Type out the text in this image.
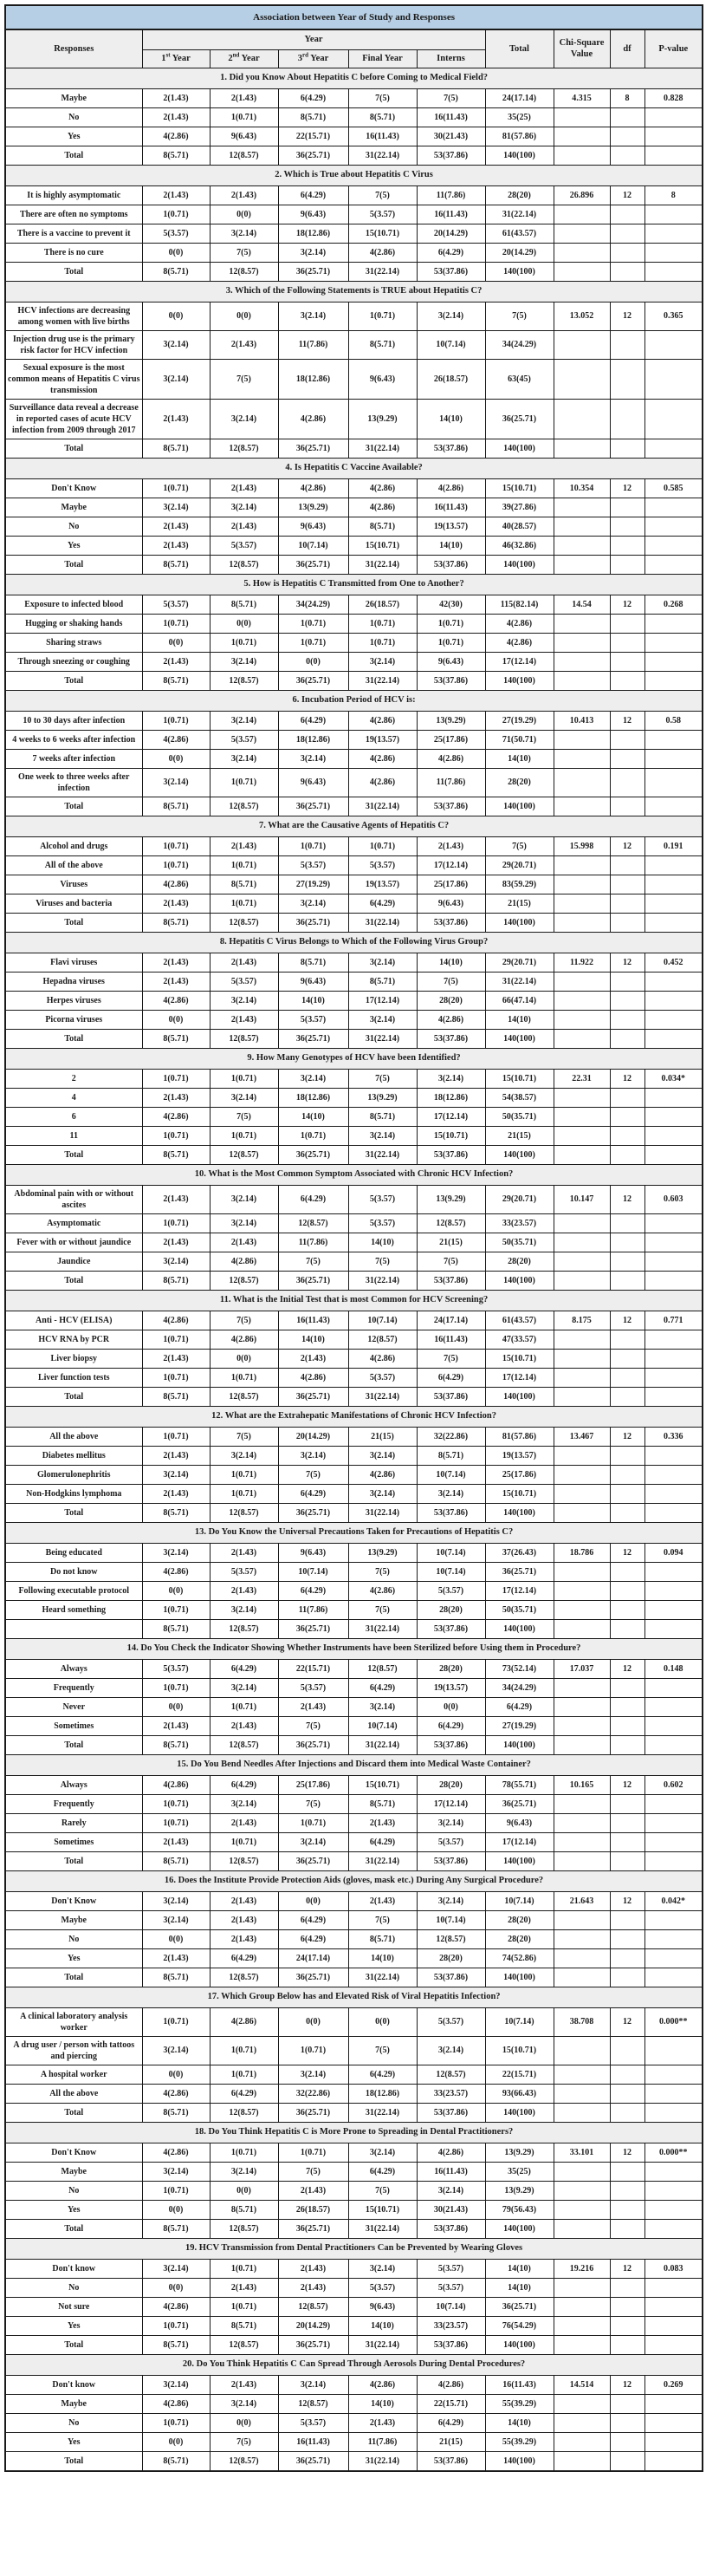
Association between Year of Study and Responses									
Responses	Year					Total	Chi-Square Value	df	P-value
	1st Year	2nd Year	3rd Year	Final Year	Interns				
1. Did you Know About Hepatitis C before Coming to Medical Field?									
Maybe	2(1.43)	2(1.43)	6(4.29)	7(5)	7(5)	24(17.14)	4.315	8	0.828
No	2(1.43)	1(0.71)	8(5.71)	8(5.71)	16(11.43)	35(25)			
Yes	4(2.86)	9(6.43)	22(15.71)	16(11.43)	30(21.43)	81(57.86)			
Total	8(5.71)	12(8.57)	36(25.71)	31(22.14)	53(37.86)	140(100)			
2. Which is True about Hepatitis C Virus									
It is highly asymptomatic	2(1.43)	2(1.43)	6(4.29)	7(5)	11(7.86)	28(20)	26.896	12	8
There are often no symptoms	1(0.71)	0(0)	9(6.43)	5(3.57)	16(11.43)	31(22.14)			
There is a vaccine to prevent it	5(3.57)	3(2.14)	18(12.86)	15(10.71)	20(14.29)	61(43.57)			
There is no cure	0(0)	7(5)	3(2.14)	4(2.86)	6(4.29)	20(14.29)			
Total	8(5.71)	12(8.57)	36(25.71)	31(22.14)	53(37.86)	140(100)			
3. Which of the Following Statements is TRUE about Hepatitis C?									
HCV infections are decreasing among women with live births	0(0)	0(0)	3(2.14)	1(0.71)	3(2.14)	7(5)	13.052	12	0.365
Injection drug use is the primary risk factor for HCV infection	3(2.14)	2(1.43)	11(7.86)	8(5.71)	10(7.14)	34(24.29)			
Sexual exposure is the most common means of Hepatitis C virus transmission	3(2.14)	7(5)	18(12.86)	9(6.43)	26(18.57)	63(45)			
Surveillance data reveal a decrease in reported cases of acute HCV infection from 2009 through 2017	2(1.43)	3(2.14)	4(2.86)	13(9.29)	14(10)	36(25.71)			
Total	8(5.71)	12(8.57)	36(25.71)	31(22.14)	53(37.86)	140(100)			
4. Is Hepatitis C Vaccine Available?									
Don't Know	1(0.71)	2(1.43)	4(2.86)	4(2.86)	4(2.86)	15(10.71)	10.354	12	0.585
Maybe	3(2.14)	3(2.14)	13(9.29)	4(2.86)	16(11.43)	39(27.86)			
No	2(1.43)	2(1.43)	9(6.43)	8(5.71)	19(13.57)	40(28.57)			
Yes	2(1.43)	5(3.57)	10(7.14)	15(10.71)	14(10)	46(32.86)			
Total	8(5.71)	12(8.57)	36(25.71)	31(22.14)	53(37.86)	140(100)			
5. How is Hepatitis C Transmitted from One to Another?									
Exposure to infected blood	5(3.57)	8(5.71)	34(24.29)	26(18.57)	42(30)	115(82.14)	14.54	12	0.268
Hugging or shaking hands	1(0.71)	0(0)	1(0.71)	1(0.71)	1(0.71)	4(2.86)			
Sharing straws	0(0)	1(0.71)	1(0.71)	1(0.71)	1(0.71)	4(2.86)			
Through sneezing or coughing	2(1.43)	3(2.14)	0(0)	3(2.14)	9(6.43)	17(12.14)			
Total	8(5.71)	12(8.57)	36(25.71)	31(22.14)	53(37.86)	140(100)			
6. Incubation Period of HCV is:									
10 to 30 days after infection	1(0.71)	3(2.14)	6(4.29)	4(2.86)	13(9.29)	27(19.29)	10.413	12	0.58
4 weeks to 6 weeks after infection	4(2.86)	5(3.57)	18(12.86)	19(13.57)	25(17.86)	71(50.71)			
7 weeks after infection	0(0)	3(2.14)	3(2.14)	4(2.86)	4(2.86)	14(10)			
One week to three weeks after infection	3(2.14)	1(0.71)	9(6.43)	4(2.86)	11(7.86)	28(20)			
Total	8(5.71)	12(8.57)	36(25.71)	31(22.14)	53(37.86)	140(100)			
7. What are the Causative Agents of Hepatitis C?									
Alcohol and drugs	1(0.71)	2(1.43)	1(0.71)	1(0.71)	2(1.43)	7(5)	15.998	12	0.191
All of the above	1(0.71)	1(0.71)	5(3.57)	5(3.57)	17(12.14)	29(20.71)			
Viruses	4(2.86)	8(5.71)	27(19.29)	19(13.57)	25(17.86)	83(59.29)			
Viruses and bacteria	2(1.43)	1(0.71)	3(2.14)	6(4.29)	9(6.43)	21(15)			
Total	8(5.71)	12(8.57)	36(25.71)	31(22.14)	53(37.86)	140(100)			
8. Hepatitis C Virus Belongs to Which of the Following Virus Group?									
Flavi viruses	2(1.43)	2(1.43)	8(5.71)	3(2.14)	14(10)	29(20.71)	11.922	12	0.452
Hepadna viruses	2(1.43)	5(3.57)	9(6.43)	8(5.71)	7(5)	31(22.14)			
Herpes viruses	4(2.86)	3(2.14)	14(10)	17(12.14)	28(20)	66(47.14)			
Picorna viruses	0(0)	2(1.43)	5(3.57)	3(2.14)	4(2.86)	14(10)			
Total	8(5.71)	12(8.57)	36(25.71)	31(22.14)	53(37.86)	140(100)			
9. How Many Genotypes of HCV have been Identified?									
2	1(0.71)	1(0.71)	3(2.14)	7(5)	3(2.14)	15(10.71)	22.31	12	0.034*
4	2(1.43)	3(2.14)	18(12.86)	13(9.29)	18(12.86)	54(38.57)			
6	4(2.86)	7(5)	14(10)	8(5.71)	17(12.14)	50(35.71)			
11	1(0.71)	1(0.71)	1(0.71)	3(2.14)	15(10.71)	21(15)			
Total	8(5.71)	12(8.57)	36(25.71)	31(22.14)	53(37.86)	140(100)			
10. What is the Most Common Symptom Associated with Chronic HCV Infection?									
Abdominal pain with or without ascites	2(1.43)	3(2.14)	6(4.29)	5(3.57)	13(9.29)	29(20.71)	10.147	12	0.603
Asymptomatic	1(0.71)	3(2.14)	12(8.57)	5(3.57)	12(8.57)	33(23.57)			
Fever with or without jaundice	2(1.43)	2(1.43)	11(7.86)	14(10)	21(15)	50(35.71)			
Jaundice	3(2.14)	4(2.86)	7(5)	7(5)	7(5)	28(20)			
Total	8(5.71)	12(8.57)	36(25.71)	31(22.14)	53(37.86)	140(100)			
11. What is the Initial Test that is most Common for HCV Screening?									
Anti - HCV (ELISA)	4(2.86)	7(5)	16(11.43)	10(7.14)	24(17.14)	61(43.57)	8.175	12	0.771
HCV RNA by PCR	1(0.71)	4(2.86)	14(10)	12(8.57)	16(11.43)	47(33.57)			
Liver biopsy	2(1.43)	0(0)	2(1.43)	4(2.86)	7(5)	15(10.71)			
Liver function tests	1(0.71)	1(0.71)	4(2.86)	5(3.57)	6(4.29)	17(12.14)			
Total	8(5.71)	12(8.57)	36(25.71)	31(22.14)	53(37.86)	140(100)			
12. What are the Extrahepatic Manifestations of Chronic HCV Infection?									
All the above	1(0.71)	7(5)	20(14.29)	21(15)	32(22.86)	81(57.86)	13.467	12	0.336
Diabetes mellitus	2(1.43)	3(2.14)	3(2.14)	3(2.14)	8(5.71)	19(13.57)			
Glomerulonephritis	3(2.14)	1(0.71)	7(5)	4(2.86)	10(7.14)	25(17.86)			
Non-Hodgkins lymphoma	2(1.43)	1(0.71)	6(4.29)	3(2.14)	3(2.14)	15(10.71)			
Total	8(5.71)	12(8.57)	36(25.71)	31(22.14)	53(37.86)	140(100)			
13. Do You Know the Universal Precautions Taken for Precautions of Hepatitis C?									
Being educated	3(2.14)	2(1.43)	9(6.43)	13(9.29)	10(7.14)	37(26.43)	18.786	12	0.094
Do not know	4(2.86)	5(3.57)	10(7.14)	7(5)	10(7.14)	36(25.71)			
Following executable protocol	0(0)	2(1.43)	6(4.29)	4(2.86)	5(3.57)	17(12.14)			
Heard something	1(0.71)	3(2.14)	11(7.86)	7(5)	28(20)	50(35.71)			
	8(5.71)	12(8.57)	36(25.71)	31(22.14)	53(37.86)	140(100)			
14. Do You Check the Indicator Showing Whether Instruments have been Sterilized before Using them in Procedure?									
Always	5(3.57)	6(4.29)	22(15.71)	12(8.57)	28(20)	73(52.14)	17.037	12	0.148
Frequently	1(0.71)	3(2.14)	5(3.57)	6(4.29)	19(13.57)	34(24.29)			
Never	0(0)	1(0.71)	2(1.43)	3(2.14)	0(0)	6(4.29)			
Sometimes	2(1.43)	2(1.43)	7(5)	10(7.14)	6(4.29)	27(19.29)			
Total	8(5.71)	12(8.57)	36(25.71)	31(22.14)	53(37.86)	140(100)			
15. Do You Bend Needles After Injections and Discard them into Medical Waste Container?									
Always	4(2.86)	6(4.29)	25(17.86)	15(10.71)	28(20)	78(55.71)	10.165	12	0.602
Frequently	1(0.71)	3(2.14)	7(5)	8(5.71)	17(12.14)	36(25.71)			
Rarely	1(0.71)	2(1.43)	1(0.71)	2(1.43)	3(2.14)	9(6.43)			
Sometimes	2(1.43)	1(0.71)	3(2.14)	6(4.29)	5(3.57)	17(12.14)			
Total	8(5.71)	12(8.57)	36(25.71)	31(22.14)	53(37.86)	140(100)			
16. Does the Institute Provide Protection Aids (gloves, mask etc.) During Any Surgical Procedure?									
Don't Know	3(2.14)	2(1.43)	0(0)	2(1.43)	3(2.14)	10(7.14)	21.643	12	0.042*
Maybe	3(2.14)	2(1.43)	6(4.29)	7(5)	10(7.14)	28(20)			
No	0(0)	2(1.43)	6(4.29)	8(5.71)	12(8.57)	28(20)			
Yes	2(1.43)	6(4.29)	24(17.14)	14(10)	28(20)	74(52.86)			
Total	8(5.71)	12(8.57)	36(25.71)	31(22.14)	53(37.86)	140(100)			
17. Which Group Below has and Elevated Risk of Viral Hepatitis Infection?									
A clinical laboratory analysis worker	1(0.71)	4(2.86)	0(0)	0(0)	5(3.57)	10(7.14)	38.708	12	0.000**
A drug user / person with tattoos and piercing	3(2.14)	1(0.71)	1(0.71)	7(5)	3(2.14)	15(10.71)			
A hospital worker	0(0)	1(0.71)	3(2.14)	6(4.29)	12(8.57)	22(15.71)			
All the above	4(2.86)	6(4.29)	32(22.86)	18(12.86)	33(23.57)	93(66.43)			
Total	8(5.71)	12(8.57)	36(25.71)	31(22.14)	53(37.86)	140(100)			
18. Do You Think Hepatitis C is More Prone to Spreading in Dental Practitioners?									
Don't Know	4(2.86)	1(0.71)	1(0.71)	3(2.14)	4(2.86)	13(9.29)	33.101	12	0.000**
Maybe	3(2.14)	3(2.14)	7(5)	6(4.29)	16(11.43)	35(25)			
No	1(0.71)	0(0)	2(1.43)	7(5)	3(2.14)	13(9.29)			
Yes	0(0)	8(5.71)	26(18.57)	15(10.71)	30(21.43)	79(56.43)			
Total	8(5.71)	12(8.57)	36(25.71)	31(22.14)	53(37.86)	140(100)			
19. HCV Transmission from Dental Practitioners Can be Prevented by Wearing Gloves									
Don't know	3(2.14)	1(0.71)	2(1.43)	3(2.14)	5(3.57)	14(10)	19.216	12	0.083
No	0(0)	2(1.43)	2(1.43)	5(3.57)	5(3.57)	14(10)			
Not sure	4(2.86)	1(0.71)	12(8.57)	9(6.43)	10(7.14)	36(25.71)			
Yes	1(0.71)	8(5.71)	20(14.29)	14(10)	33(23.57)	76(54.29)			
Total	8(5.71)	12(8.57)	36(25.71)	31(22.14)	53(37.86)	140(100)			
20. Do You Think Hepatitis C Can Spread Through Aerosols During Dental Procedures?									
Don't know	3(2.14)	2(1.43)	3(2.14)	4(2.86)	4(2.86)	16(11.43)	14.514	12	0.269
Maybe	4(2.86)	3(2.14)	12(8.57)	14(10)	22(15.71)	55(39.29)			
No	1(0.71)	0(0)	5(3.57)	2(1.43)	6(4.29)	14(10)			
Yes	0(0)	7(5)	16(11.43)	11(7.86)	21(15)	55(39.29)			
Total	8(5.71)	12(8.57)	36(25.71)	31(22.14)	53(37.86)	140(100)			
